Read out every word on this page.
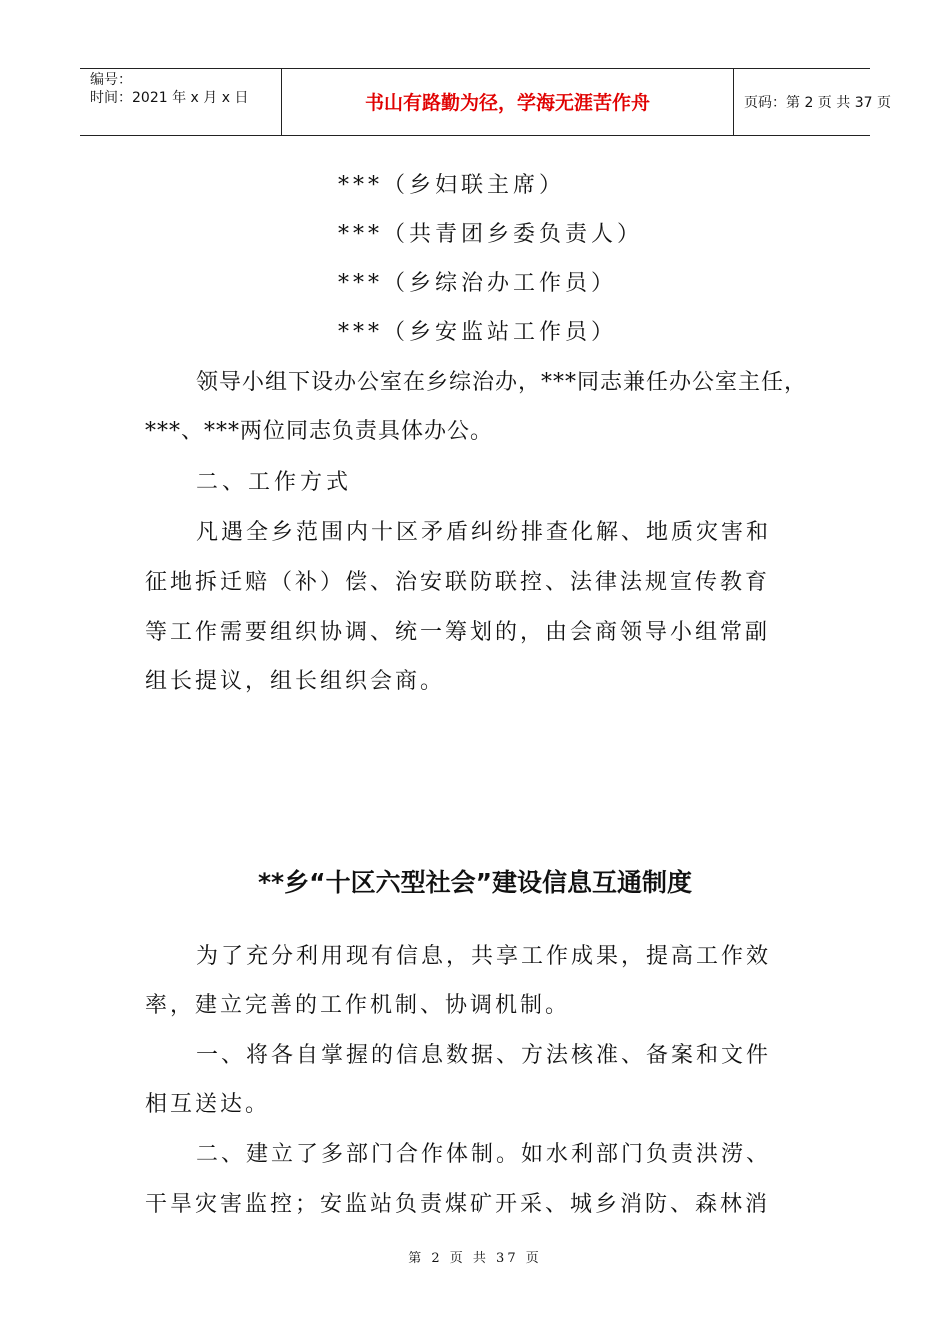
编号：
时间：2021 年 x 月 x 日	书山有路勤为径，学海无涯苦作舟	页码：第 2 页 共 37 页
***（乡妇联主席）
***（共青团乡委负责人）
***（乡综治办工作员）
***（乡安监站工作员）
领导小组下设办公室在乡综治办，***同志兼任办公室主任，
***、***两位同志负责具体办公。
二、工作方式
凡遇全乡范围内十区矛盾纠纷排查化解、地质灾害和
征地拆迁赔（补）偿、治安联防联控、法律法规宣传教育
等工作需要组织协调、统一筹划的，由会商领导小组常副
组长提议，组长组织会商。
**乡“十区六型社会”建设信息互通制度
为了充分利用现有信息，共享工作成果，提高工作效
率，建立完善的工作机制、协调机制。
一、将各自掌握的信息数据、方法核准、备案和文件
相互送达。
二、建立了多部门合作体制。如水利部门负责洪涝、
干旱灾害监控；安监站负责煤矿开采、城乡消防、森林消
第 2 页 共 37 页
